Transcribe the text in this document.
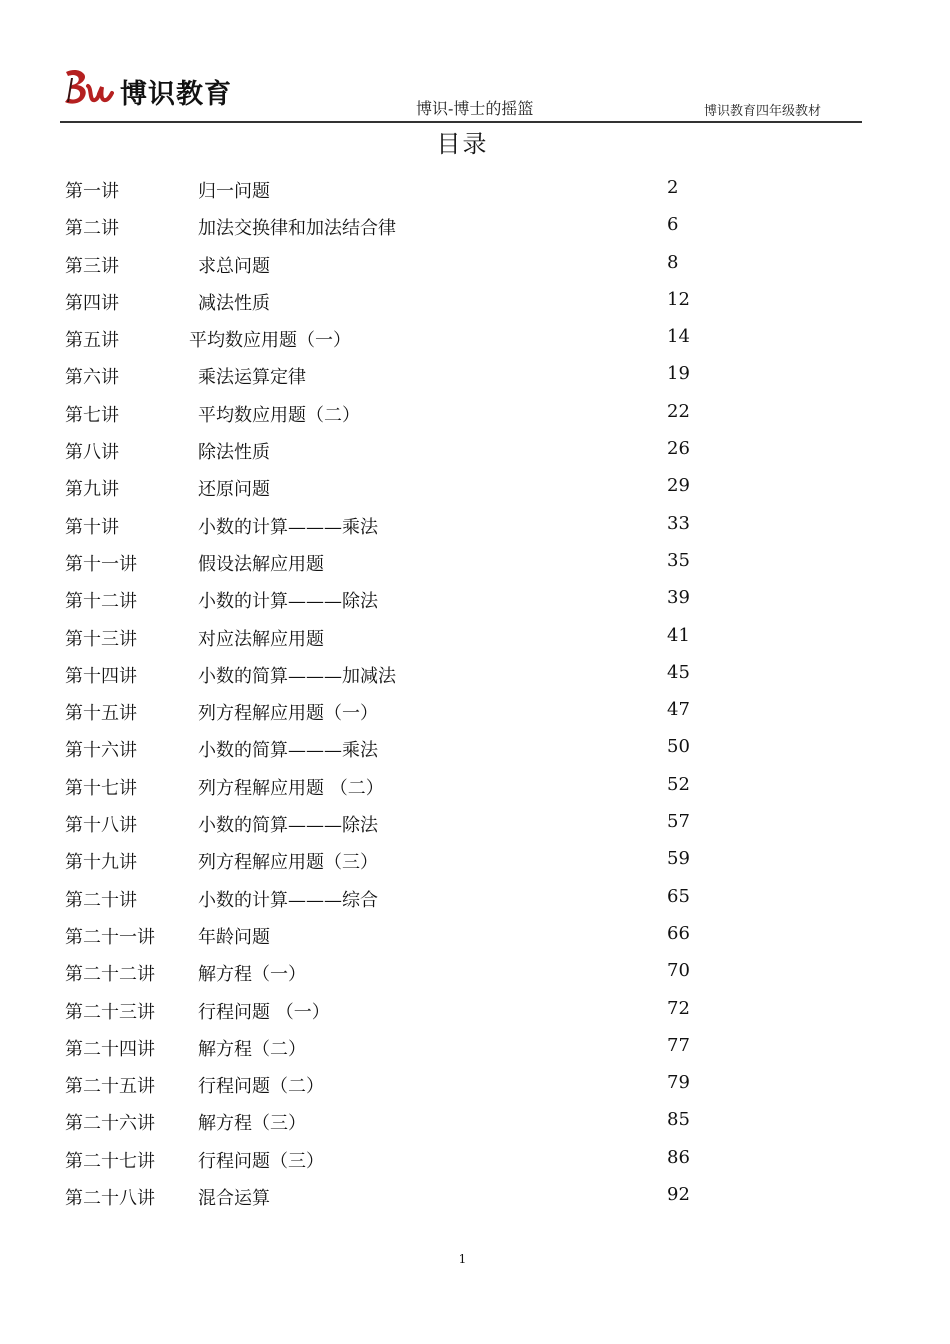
博识教育	博识-博士的摇篮	博识教育四年级教材
目录
第一讲	归一问题	2
第二讲	加法交换律和加法结合律	6
第三讲	求总问题	8
第四讲	减法性质	12
第五讲	平均数应用题（一）	14
第六讲	乘法运算定律	19
第七讲	平均数应用题（二）	22
第八讲	除法性质	26
第九讲	还原问题	29
第十讲	小数的计算———乘法	33
第十一讲	假设法解应用题	35
第十二讲	小数的计算———除法	39
第十三讲	对应法解应用题	41
第十四讲	小数的简算———加减法	45
第十五讲	列方程解应用题（一）	47
第十六讲	小数的简算———乘法	50
第十七讲	列方程解应用题 （二）	52
第十八讲	小数的简算———除法	57
第十九讲	列方程解应用题（三）	59
第二十讲	小数的计算———综合	65
第二十一讲 年龄问题	66
第二十二讲 解方程（一）	70
第二十三讲 行程问题 （一）	72
第二十四讲 解方程（二）	77
第二十五讲 行程问题（二）	79
第二十六讲 解方程（三）	85
第二十七讲 行程问题（三）	86
第二十八讲 混合运算	92
1
